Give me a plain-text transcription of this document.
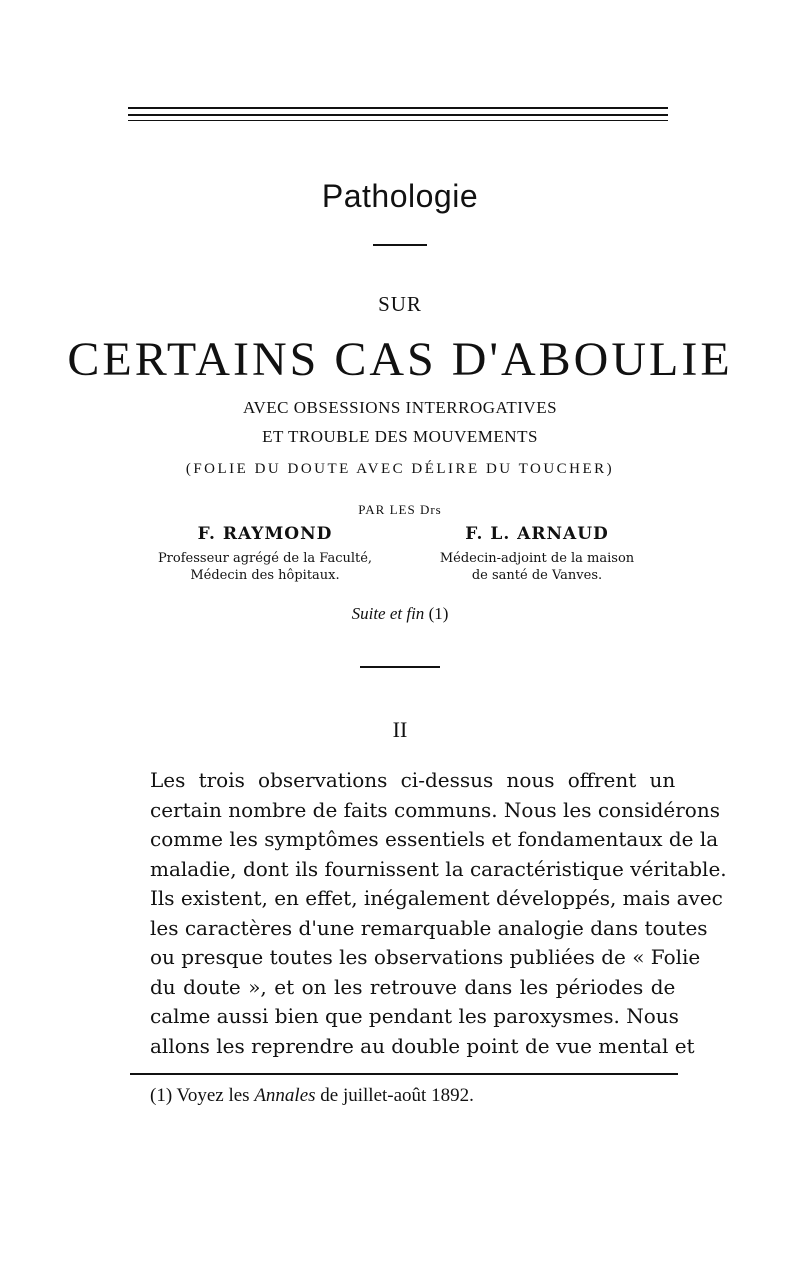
Pathologie
SUR
CERTAINS CAS D'ABOULIE
AVEC OBSESSIONS INTERROGATIVES
ET TROUBLE DES MOUVEMENTS
(FOLIE DU DOUTE AVEC DÉLIRE DU TOUCHER)
PAR LES Drs
F. RAYMOND
Professeur agrégé de la Faculté,
Médecin des hôpitaux.
F. L. ARNAUD
Médecin-adjoint de la maison
de santé de Vanves.
Suite et fin (1)
II
Les trois observations ci-dessus nous offrent un
certain nombre de faits communs. Nous les considérons
comme les symptômes essentiels et fondamentaux de la
maladie, dont ils fournissent la caractéristique véritable.
Ils existent, en effet, inégalement développés, mais avec
les caractères d'une remarquable analogie dans toutes
ou presque toutes les observations publiées de « Folie
du doute », et on les retrouve dans les périodes de
calme aussi bien que pendant les paroxysmes. Nous
allons les reprendre au double point de vue mental et
(1) Voyez les Annales de juillet-août 1892.
